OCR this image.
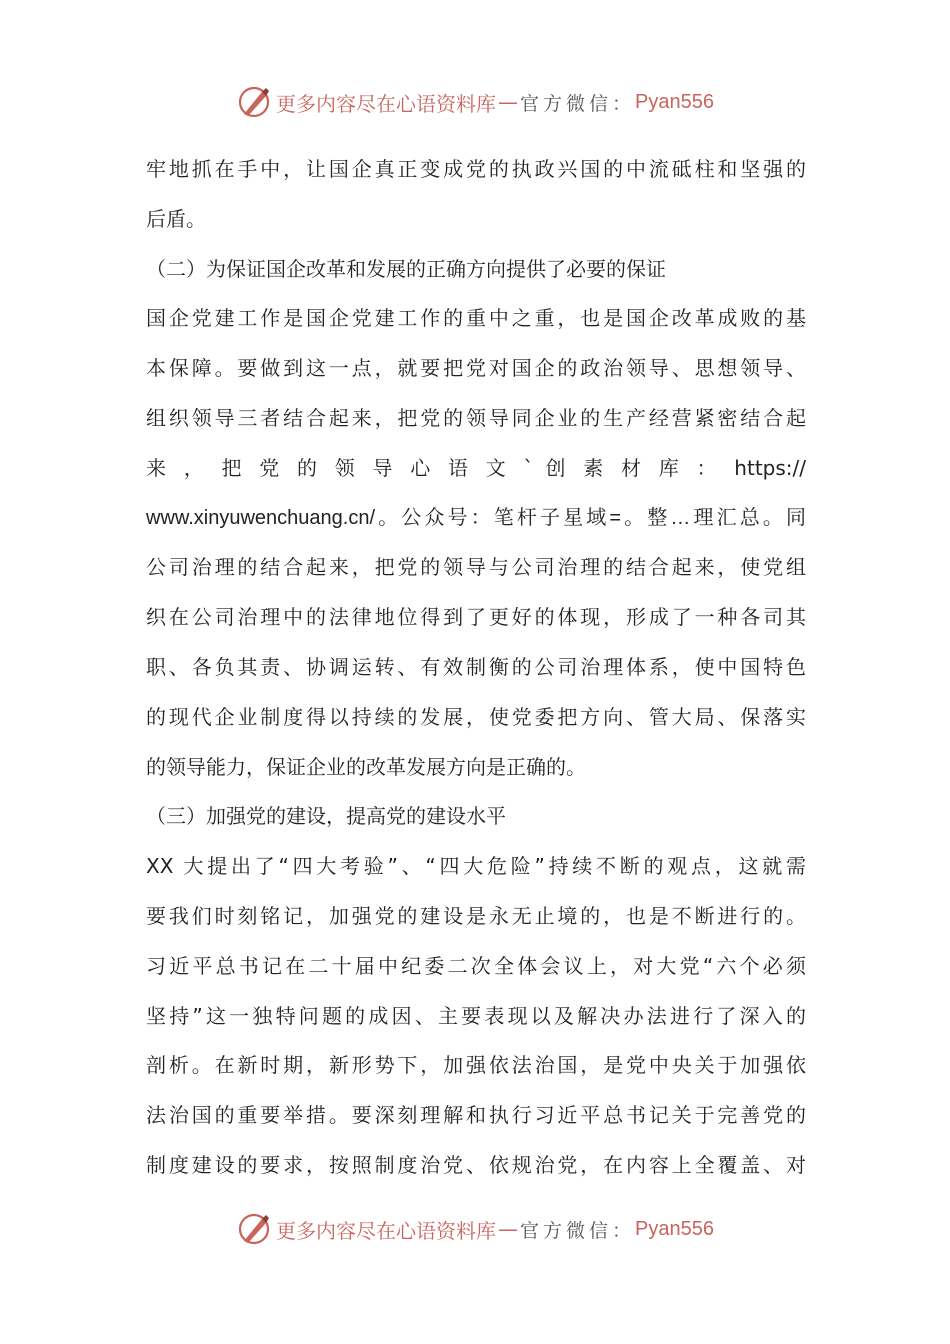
更多内容尽在心语资料库 — 官方微信： Pyan556
牢地抓在手中，让国企真正变成党的执政兴国的中流砥柱和坚强的
后盾。
（二）为保证国企改革和发展的正确方向提供了必要的保证
国企党建工作是国企党建工作的重中之重，也是国企改革成败的基
本保障。要做到这一点，就要把党对国企的政治领导、思想领导、
组织领导三者结合起来，把党的领导同企业的生产经营紧密结合起
来 ， 把 党 的 领 导 心 语 文 ` 创 素 材 库 ： https://
www.xinyuwenchuang.cn/。公众号：笔杆子星域=。整…理汇总。同
公司治理的结合起来，把党的领导与公司治理的结合起来，使党组
织在公司治理中的法律地位得到了更好的体现，形成了一种各司其
职、各负其责、协调运转、有效制衡的公司治理体系，使中国特色
的现代企业制度得以持续的发展，使党委把方向、管大局、保落实
的领导能力，保证企业的改革发展方向是正确的。
（三）加强党的建设，提高党的建设水平
XX 大提出了“四大考验”、“四大危险”持续不断的观点，这就需
要我们时刻铭记，加强党的建设是永无止境的，也是不断进行的。
习近平总书记在二十届中纪委二次全体会议上，对大党“六个必须
坚持”这一独特问题的成因、主要表现以及解决办法进行了深入的
剖析。在新时期，新形势下，加强依法治国，是党中央关于加强依
法治国的重要举措。要深刻理解和执行习近平总书记关于完善党的
制度建设的要求，按照制度治党、依规治党，在内容上全覆盖、对
更多内容尽在心语资料库 — 官方微信： Pyan556
